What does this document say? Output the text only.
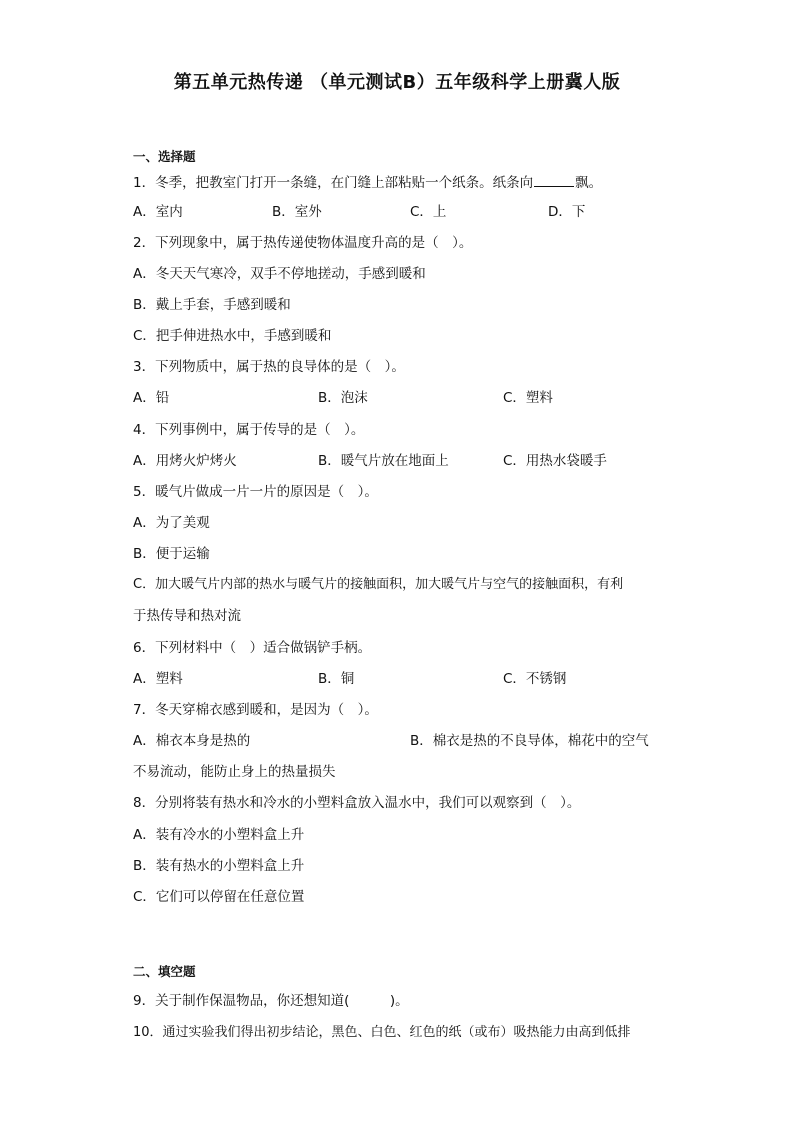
第五单元热传递 （单元测试B）五年级科学上册冀人版
一、选择题
1．冬季，把教室门打开一条缝，在门缝上部粘贴一个纸条。纸条向	飘。
A．室内	B．室外	C．上	D．下
2．下列现象中，属于热传递使物体温度升高的是（　）。
A．冬天天气寒冷，双手不停地搓动，手感到暖和
B．戴上手套，手感到暖和
C．把手伸进热水中，手感到暖和
3．下列物质中，属于热的良导体的是（　）。
A．铅	B．泡沫	C．塑料
4．下列事例中，属于传导的是（　）。
A．用烤火炉烤火	B．暖气片放在地面上	C．用热水袋暖手
5．暖气片做成一片一片的原因是（　）。
A．为了美观
B．便于运输
C．加大暖气片内部的热水与暖气片的接触面积，加大暖气片与空气的接触面积，有利
于热传导和热对流
6．下列材料中（　）适合做锅铲手柄。
A．塑料	B．铜	C．不锈钢
7．冬天穿棉衣感到暖和，是因为（　）。
A．棉衣本身是热的	B．棉衣是热的不良导体，棉花中的空气
不易流动，能防止身上的热量损失
8．分别将装有热水和冷水的小塑料盒放入温水中，我们可以观察到（　）。
A．装有冷水的小塑料盒上升
B．装有热水的小塑料盒上升
C．它们可以停留在任意位置
二、填空题
9．关于制作保温物品，你还想知道(　　　)。
10．通过实验我们得出初步结论，黑色、白色、红色的纸（或布）吸热能力由高到低排
